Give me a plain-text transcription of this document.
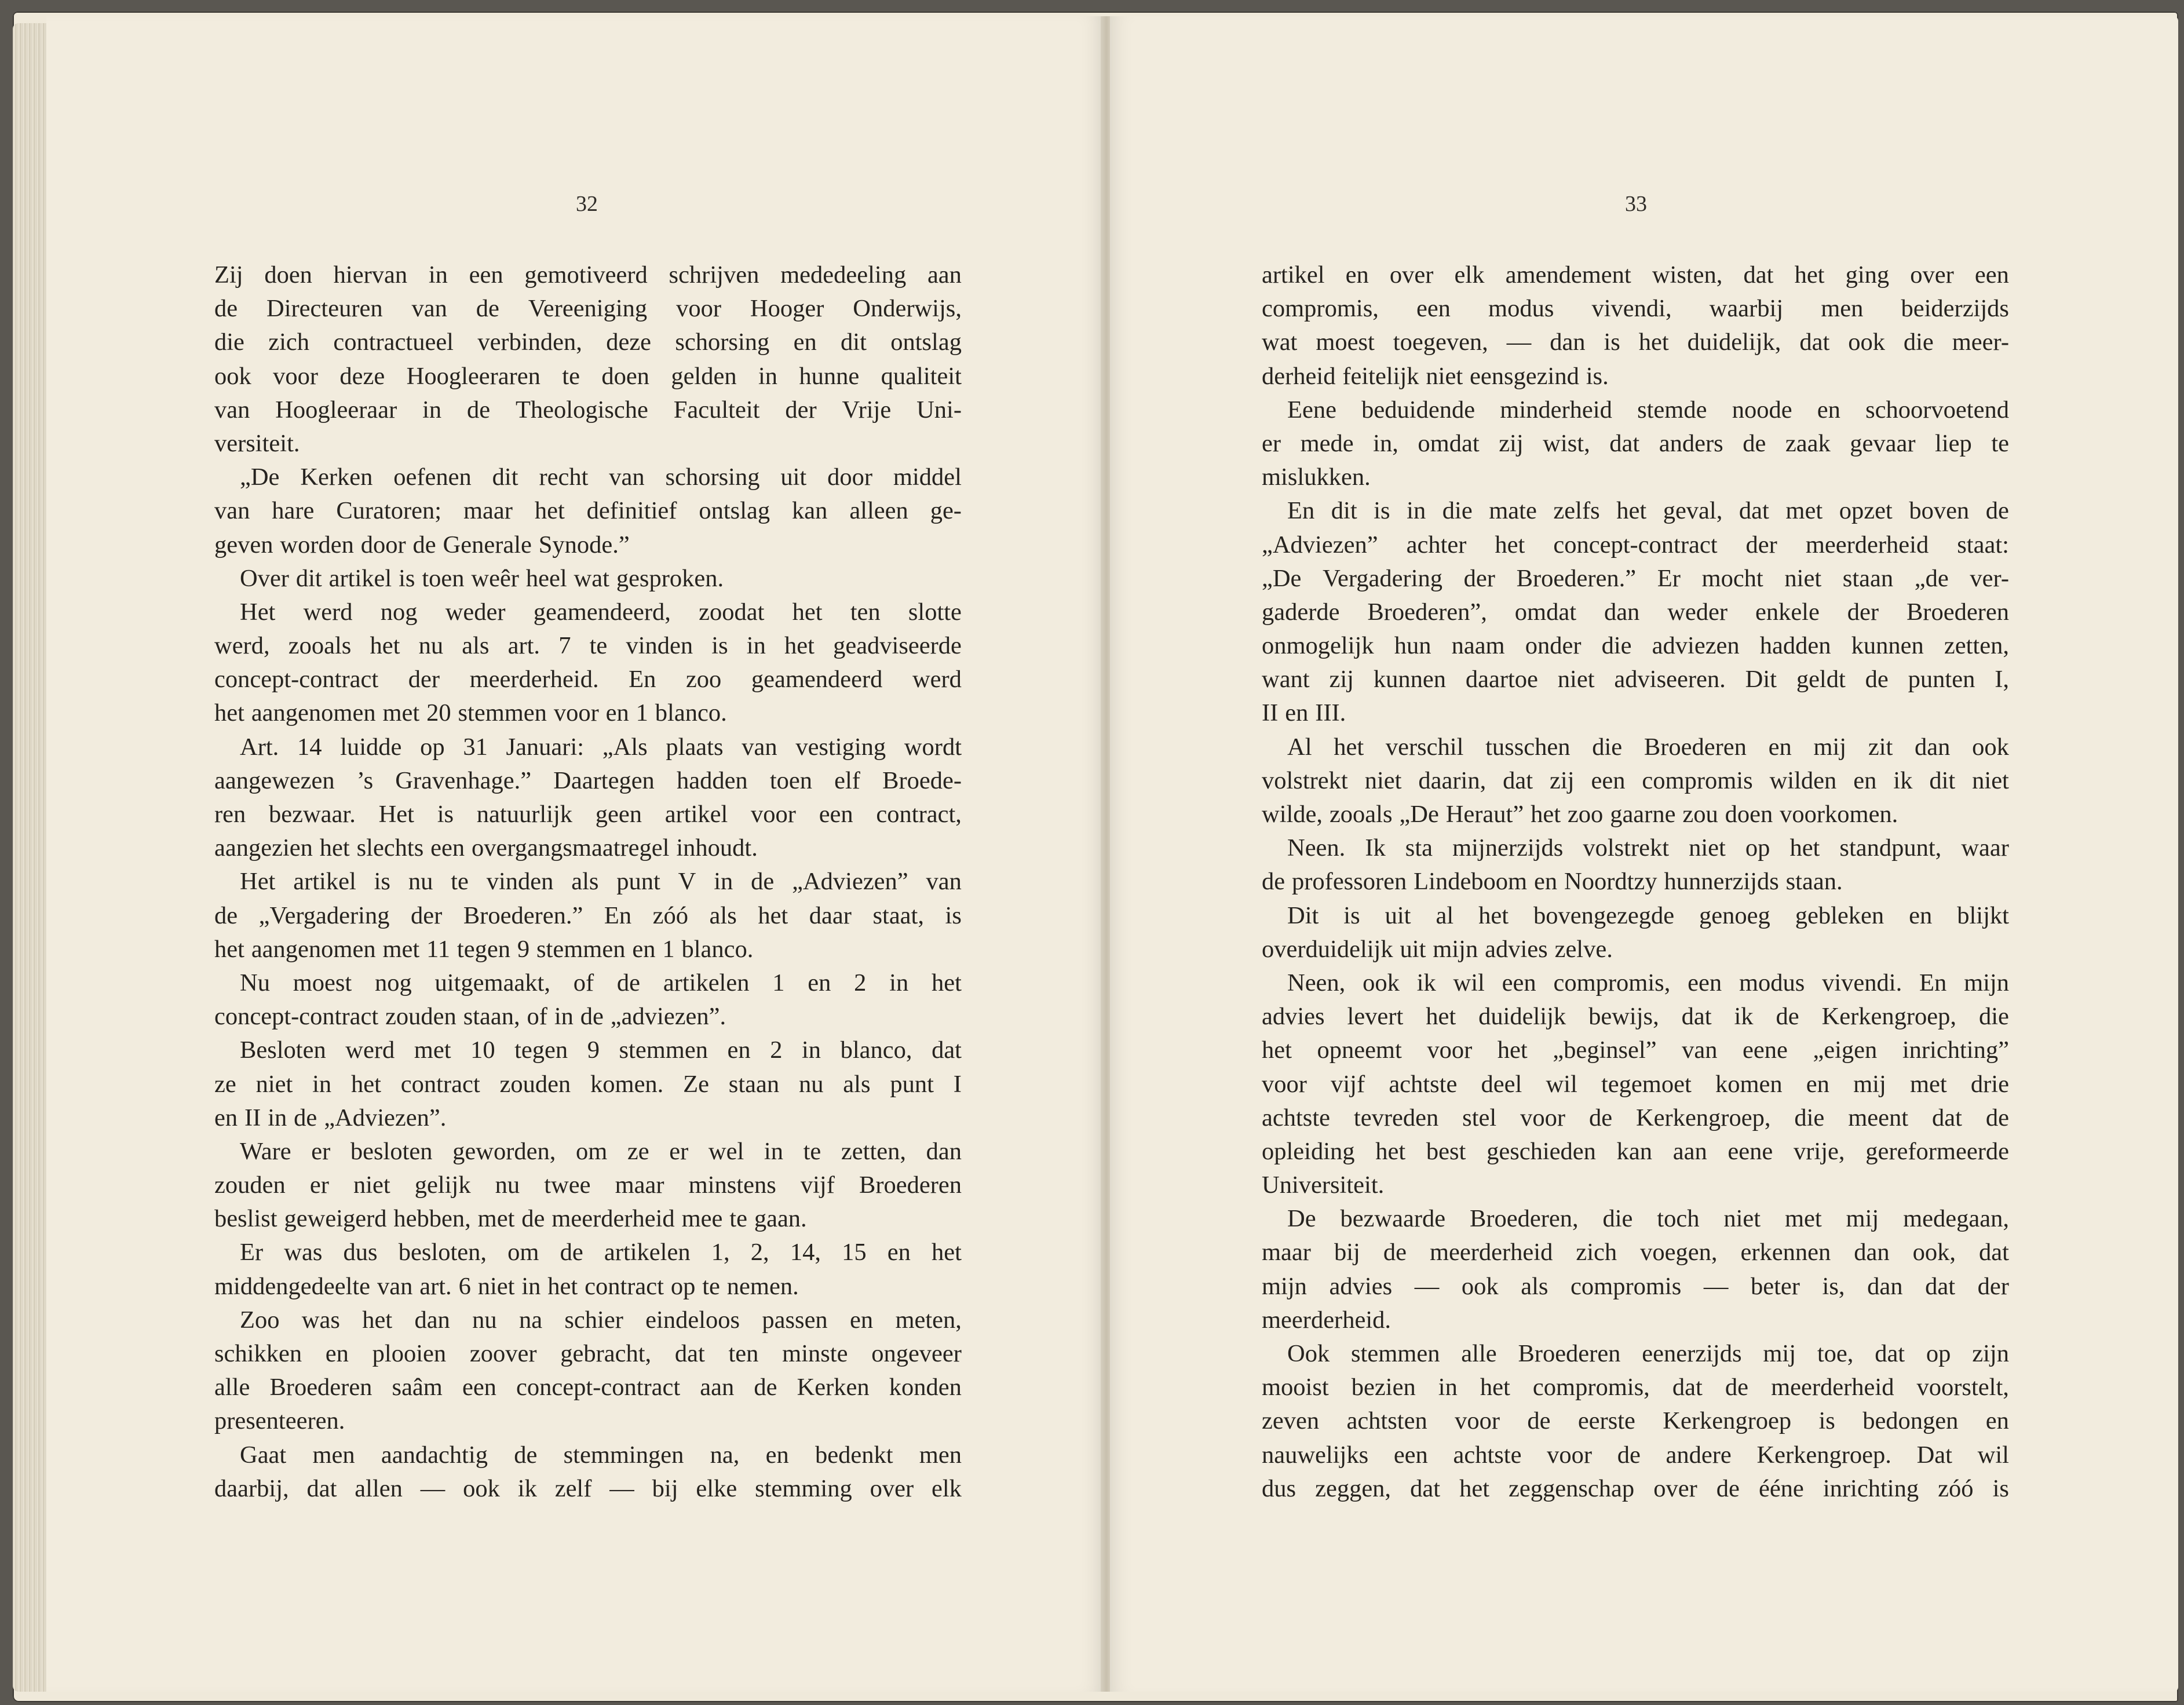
32
Zij doen hiervan in een gemotiveerd schrijven mededeeling aan
de Directeuren van de Vereeniging voor Hooger Onderwijs,
die zich contractueel verbinden, deze schorsing en dit ontslag
ook voor deze Hoogleeraren te doen gelden in hunne qualiteit
van Hoogleeraar in de Theologische Faculteit der Vrije Uni-
versiteit.
„De Kerken oefenen dit recht van schorsing uit door middel
van hare Curatoren; maar het definitief ontslag kan alleen ge-
geven worden door de Generale Synode.”
Over dit artikel is toen weêr heel wat gesproken.
Het werd nog weder geamendeerd, zoodat het ten slotte
werd, zooals het nu als art. 7 te vinden is in het geadviseerde
concept-contract der meerderheid. En zoo geamendeerd werd
het aangenomen met 20 stemmen voor en 1 blanco.
Art. 14 luidde op 31 Januari: „Als plaats van vestiging wordt
aangewezen ’s Gravenhage.” Daartegen hadden toen elf Broede-
ren bezwaar. Het is natuurlijk geen artikel voor een contract,
aangezien het slechts een overgangsmaatregel inhoudt.
Het artikel is nu te vinden als punt V in de „Adviezen” van
de „Vergadering der Broederen.” En zóó als het daar staat, is
het aangenomen met 11 tegen 9 stemmen en 1 blanco.
Nu moest nog uitgemaakt, of de artikelen 1 en 2 in het
concept-contract zouden staan, of in de „adviezen”.
Besloten werd met 10 tegen 9 stemmen en 2 in blanco, dat
ze niet in het contract zouden komen. Ze staan nu als punt I
en II in de „Adviezen”.
Ware er besloten geworden, om ze er wel in te zetten, dan
zouden er niet gelijk nu twee maar minstens vijf Broederen
beslist geweigerd hebben, met de meerderheid mee te gaan.
Er was dus besloten, om de artikelen 1, 2, 14, 15 en het
middengedeelte van art. 6 niet in het contract op te nemen.
Zoo was het dan nu na schier eindeloos passen en meten,
schikken en plooien zoover gebracht, dat ten minste ongeveer
alle Broederen saâm een concept-contract aan de Kerken konden
presenteeren.
Gaat men aandachtig de stemmingen na, en bedenkt men
daarbij, dat allen — ook ik zelf — bij elke stemming over elk
33
artikel en over elk amendement wisten, dat het ging over een
compromis, een modus vivendi, waarbij men beiderzijds
wat moest toegeven, — dan is het duidelijk, dat ook die meer-
derheid feitelijk niet eensgezind is.
Eene beduidende minderheid stemde noode en schoorvoetend
er mede in, omdat zij wist, dat anders de zaak gevaar liep te
mislukken.
En dit is in die mate zelfs het geval, dat met opzet boven de
„Adviezen” achter het concept-contract der meerderheid staat:
„De Vergadering der Broederen.” Er mocht niet staan „de ver-
gaderde Broederen”, omdat dan weder enkele der Broederen
onmogelijk hun naam onder die adviezen hadden kunnen zetten,
want zij kunnen daartoe niet adviseeren. Dit geldt de punten I,
II en III.
Al het verschil tusschen die Broederen en mij zit dan ook
volstrekt niet daarin, dat zij een compromis wilden en ik dit niet
wilde, zooals „De Heraut” het zoo gaarne zou doen voorkomen.
Neen. Ik sta mijnerzijds volstrekt niet op het standpunt, waar
de professoren Lindeboom en Noordtzy hunnerzijds staan.
Dit is uit al het bovengezegde genoeg gebleken en blijkt
overduidelijk uit mijn advies zelve.
Neen, ook ik wil een compromis, een modus vivendi. En mijn
advies levert het duidelijk bewijs, dat ik de Kerkengroep, die
het opneemt voor het „beginsel” van eene „eigen inrichting”
voor vijf achtste deel wil tegemoet komen en mij met drie
achtste tevreden stel voor de Kerkengroep, die meent dat de
opleiding het best geschieden kan aan eene vrije, gereformeerde
Universiteit.
De bezwaarde Broederen, die toch niet met mij medegaan,
maar bij de meerderheid zich voegen, erkennen dan ook, dat
mijn advies — ook als compromis — beter is, dan dat der
meerderheid.
Ook stemmen alle Broederen eenerzijds mij toe, dat op zijn
mooist bezien in het compromis, dat de meerderheid voorstelt,
zeven achtsten voor de eerste Kerkengroep is bedongen en
nauwelijks een achtste voor de andere Kerkengroep. Dat wil
dus zeggen, dat het zeggenschap over de ééne inrichting zóó is
